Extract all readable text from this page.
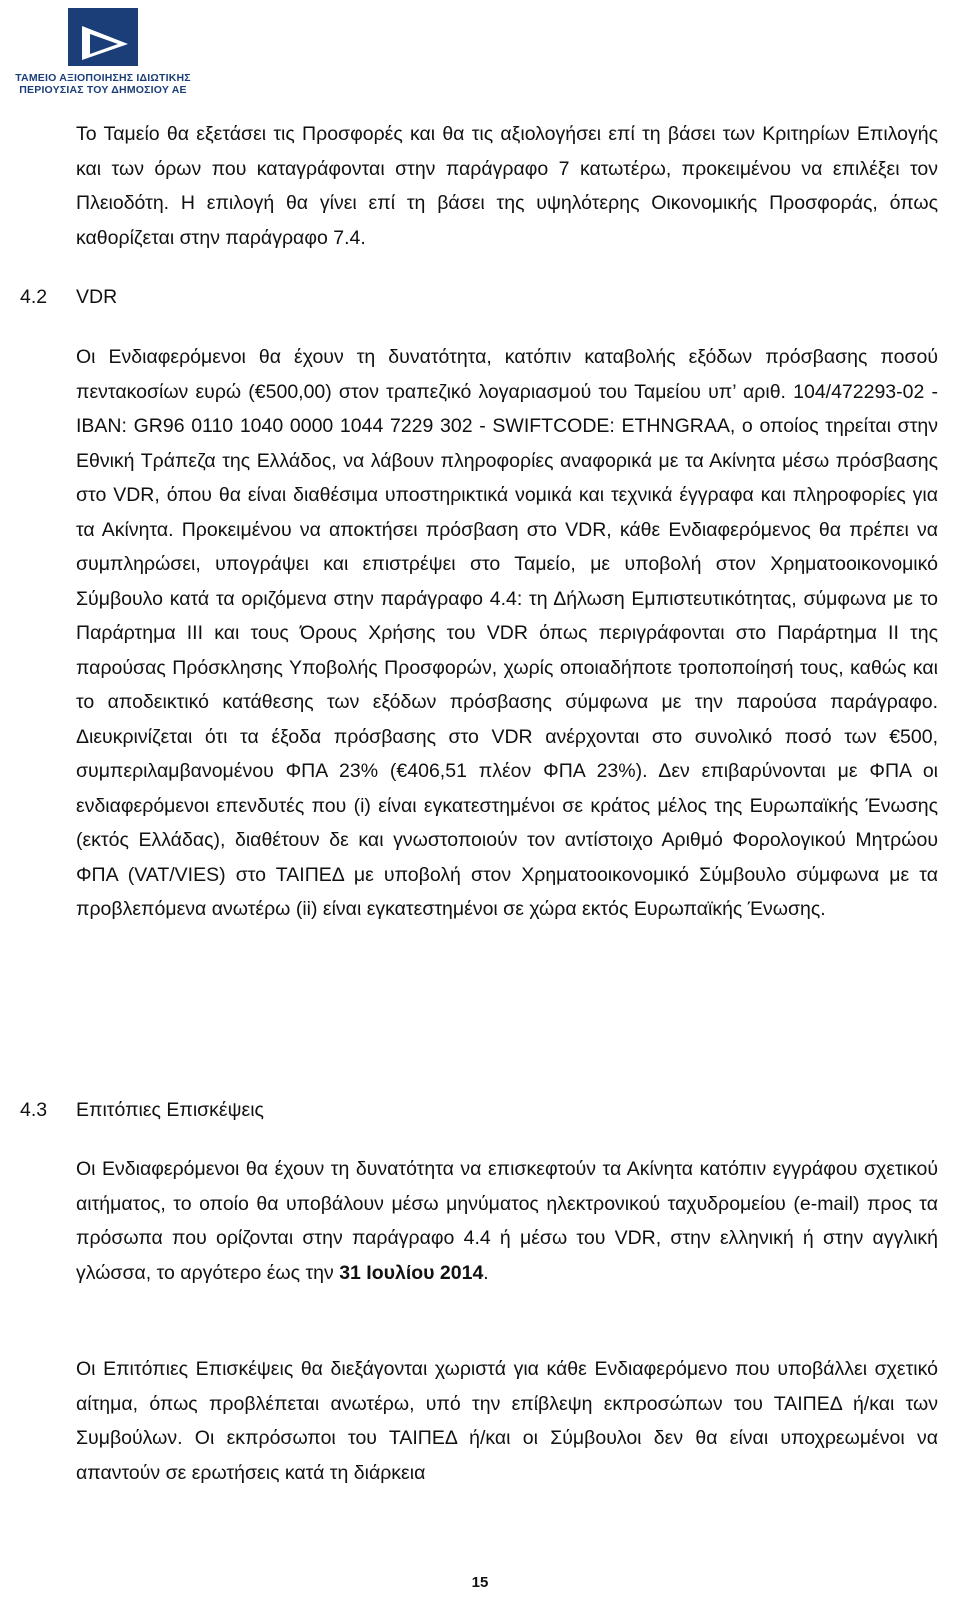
ΤΑΜΕΙΟ ΑΞΙΟΠΟΙΗΣΗΣ ΙΔΙΩΤΙΚΗΣ
ΠΕΡΙΟΥΣΙΑΣ ΤΟΥ ΔΗΜΟΣΙΟΥ ΑΕ

Το Ταμείο θα εξετάσει τις Προσφορές και θα τις αξιολογήσει επί τη βάσει των Κριτηρίων Επιλογής και των όρων που καταγράφονται στην παράγραφο 7 κατωτέρω, προκειμένου να επιλέξει τον Πλειοδότη. Η επιλογή θα γίνει επί τη βάσει της υψηλότερης Οικονομικής Προσφοράς, όπως καθορίζεται στην παράγραφο 7.4.

4.2 VDR

Οι Ενδιαφερόμενοι θα έχουν τη δυνατότητα, κατόπιν καταβολής εξόδων πρόσβασης ποσού πεντακοσίων ευρώ (€500,00) στον τραπεζικό λογαριασμού του Ταμείου υπ’ αριθ. 104/472293-02 -IBAN: GR96 0110 1040 0000 1044 7229 302 - SWIFTCODE: ETHNGRAA, ο οποίος τηρείται στην Εθνική Τράπεζα της Ελλάδος, να λάβουν πληροφορίες αναφορικά με τα Ακίνητα μέσω πρόσβασης στο VDR, όπου θα είναι διαθέσιμα υποστηρικτικά νομικά και τεχνικά έγγραφα και πληροφορίες για τα Ακίνητα. Προκειμένου να αποκτήσει πρόσβαση στο VDR, κάθε Ενδιαφερόμενος θα πρέπει να συμπληρώσει, υπογράψει και επιστρέψει στο Ταμείο, με υποβολή στον Χρηματοοικονομικό Σύμβουλο κατά τα οριζόμενα στην παράγραφο 4.4: τη Δήλωση Εμπιστευτικότητας, σύμφωνα με το Παράρτημα ΙΙΙ και τους Όρους Χρήσης του VDR όπως περιγράφονται στο Παράρτημα ΙΙ της παρούσας Πρόσκλησης Υποβολής Προσφορών, χωρίς οποιαδήποτε τροποποίησή τους, καθώς και το αποδεικτικό κατάθεσης των εξόδων πρόσβασης σύμφωνα με την παρούσα παράγραφο. Διευκρινίζεται ότι τα έξοδα πρόσβασης στο VDR ανέρχονται στο συνολικό ποσό των €500, συμπεριλαμβανομένου ΦΠΑ 23% (€406,51 πλέον ΦΠΑ 23%). Δεν επιβαρύνονται με ΦΠΑ οι ενδιαφερόμενοι επενδυτές που (i) είναι εγκατεστημένοι σε κράτος μέλος της Ευρωπαϊκής Ένωσης (εκτός Ελλάδας), διαθέτουν δε και γνωστοποιούν τον αντίστοιχο Αριθμό Φορολογικού Μητρώου ΦΠΑ (VAT/VIES) στο ΤΑΙΠΕΔ με υποβολή στον Χρηματοοικονομικό Σύμβουλο σύμφωνα με τα προβλεπόμενα ανωτέρω (ii) είναι εγκατεστημένοι σε χώρα εκτός Ευρωπαϊκής Ένωσης.

4.3 Επιτόπιες Επισκέψεις

Οι Ενδιαφερόμενοι θα έχουν τη δυνατότητα να επισκεφτούν τα Ακίνητα κατόπιν εγγράφου σχετικού αιτήματος, το οποίο θα υποβάλουν μέσω μηνύματος ηλεκτρονικού ταχυδρομείου (e-mail) προς τα πρόσωπα που ορίζονται στην παράγραφο 4.4 ή μέσω του VDR, στην ελληνική ή στην αγγλική γλώσσα, το αργότερο έως την 31 Ιουλίου 2014.

Οι Επιτόπιες Επισκέψεις θα διεξάγονται χωριστά για κάθε Ενδιαφερόμενο που υποβάλλει σχετικό αίτημα, όπως προβλέπεται ανωτέρω, υπό την επίβλεψη εκπροσώπων του ΤΑΙΠΕΔ ή/και των Συμβούλων. Οι εκπρόσωποι του ΤΑΙΠΕΔ ή/και οι Σύμβουλοι δεν θα είναι υποχρεωμένοι να απαντούν σε ερωτήσεις κατά τη διάρκεια

15
